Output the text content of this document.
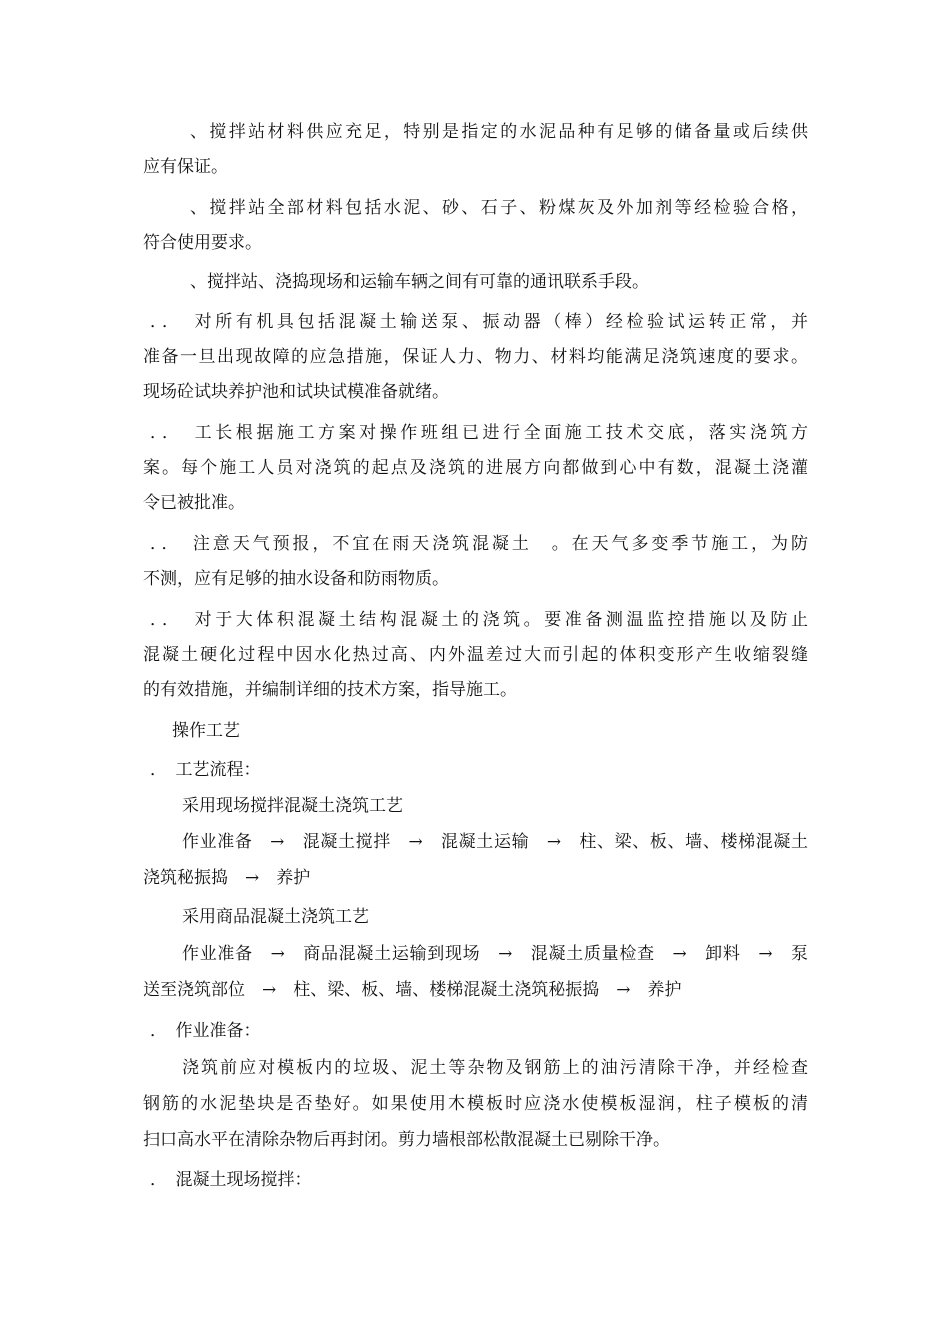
、搅拌站材料供应充足，特别是指定的水泥品种有足够的储备量或后续供
应有保证。
、搅拌站全部材料包括水泥、砂、石子、粉煤灰及外加剂等经检验合格，
符合使用要求。
、搅拌站、浇捣现场和运输车辆之间有可靠的通讯联系手段。
．．　对所有机具包括混凝土输送泵、振动器（棒）经检验试运转正常，并
准备一旦出现故障的应急措施，保证人力、物力、材料均能满足浇筑速度的要求。
现场砼试块养护池和试块试模准备就绪。
．．　工长根据施工方案对操作班组已进行全面施工技术交底，落实浇筑方
案。每个施工人员对浇筑的起点及浇筑的进展方向都做到心中有数，混凝土浇灌
令已被批准。
．．　注意天气预报，不宜在雨天浇筑混凝土　。在天气多变季节施工，为防
不测，应有足够的抽水设备和防雨物质。
．．　对于大体积混凝土结构混凝土的浇筑。要准备测温监控措施以及防止
混凝土硬化过程中因水化热过高、内外温差过大而引起的体积变形产生收缩裂缝
的有效措施，并编制详细的技术方案，指导施工。
操作工艺
．　工艺流程：
采用现场搅拌混凝土浇筑工艺
作业准备　→　混凝土搅拌　→　混凝土运输　→　柱、梁、板、墙、楼梯混凝土
浇筑秘振捣　→　养护
采用商品混凝土浇筑工艺
作业准备　→　商品混凝土运输到现场　→　混凝土质量检查　→　卸料　→　泵
送至浇筑部位　→　柱、梁、板、墙、楼梯混凝土浇筑秘振捣　→　养护
．　作业准备：
浇筑前应对模板内的垃圾、泥土等杂物及钢筋上的油污清除干净，并经检查
钢筋的水泥垫块是否垫好。如果使用木模板时应浇水使模板湿润，柱子模板的清
扫口高水平在清除杂物后再封闭。剪力墙根部松散混凝土已剔除干净。
．　混凝土现场搅拌：
